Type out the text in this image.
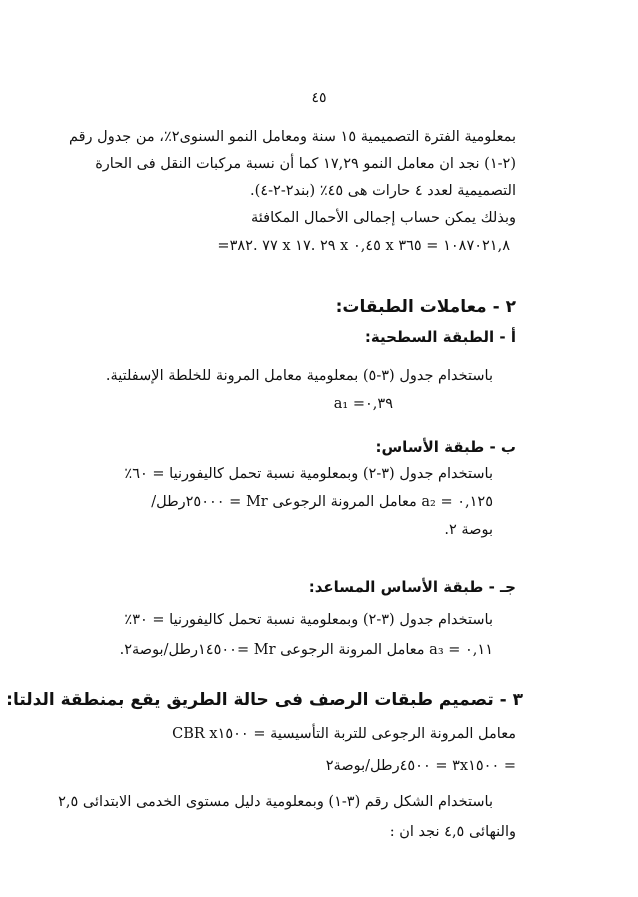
٤٥
بمعلومية الفترة التصميمية ١٥ سنة ومعامل النمو السنوى٢٪، من جدول رقم
(٢-١) نجد ان معامل النمو ١٧,٢٩ كما أن نسبة مركبات النقل فى الحارة
التصميمية لعدد ٤ حارات هى ٤٥٪ (بند٢-٢-٤).
وبذلك يمكن حساب إجمالى الأحمال المكافئة
١٠٨٧٠٢١,٨ = ٣٦٥ x ٠,٤٥ x ٢٩ .١٧ x ٧٧ .٣٨٢=
٢ - معاملات الطبقات:
أ - الطبقة السطحية:
باستخدام جدول (٣-٥) بمعلومية معامل المرونة للخلطة الإسفلتية.
٠,٣٩= a₁
ب - طبقة الأساس:
باستخدام جدول (٣-٢) وبمعلومية نسبة تحمل كاليفورنيا = ٦٠٪
٠,١٢٥ = a₂ معامل المرونة الرجوعى Mr = ٢٥٠٠٠رطل/
بوصة ٢.
جـ - طبقة الأساس المساعد:
باستخدام جدول (٣-٢) وبمعلومية نسبة تحمل كاليفورنيا = ٣٠٪
٠,١١ = a₃ معامل المرونة الرجوعى Mr =١٤٥٠٠رطل/بوصة٢.
٣ - تصميم طبقات الرصف فى حالة الطريق يقع بمنطقة الدلتا:
معامل المرونة الرجوعى للتربة التأسيسية = CBR x١٥٠٠
= ٣x١٥٠٠ = ٤٥٠٠رطل/بوصة٢
باستخدام الشكل رقم (٣-١) وبمعلومية دليل مستوى الخدمى الابتدائى ٢,٥
والنهائى ٤,٥ نجد ان :
